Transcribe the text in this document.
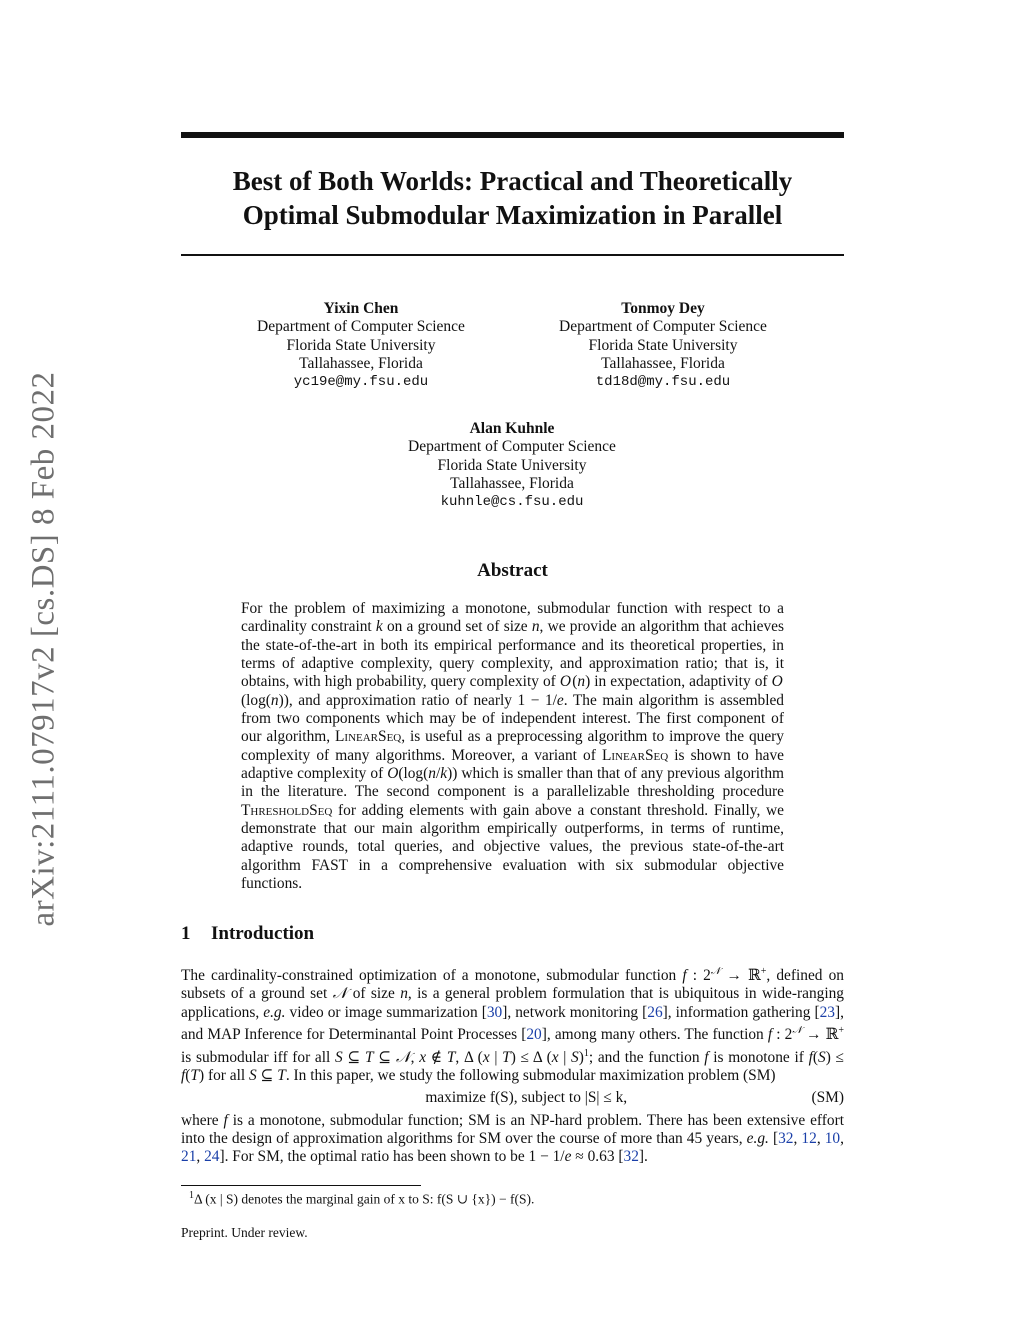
Best of Both Worlds: Practical and Theoretically
Optimal Submodular Maximization in Parallel
arXiv:2111.07917v2 [cs.DS] 8 Feb 2022
Yixin Chen
Department of Computer Science
Florida State University
Tallahassee, Florida
yc19e@my.fsu.edu
Tonmoy Dey
Department of Computer Science
Florida State University
Tallahassee, Florida
td18d@my.fsu.edu
Alan Kuhnle
Department of Computer Science
Florida State University
Tallahassee, Florida
kuhnle@cs.fsu.edu
Abstract
For the problem of maximizing a monotone, submodular function with respect to a cardinality constraint k on a ground set of size n, we provide an algorithm that achieves the state-of-the-art in both its empirical performance and its theoretical properties, in terms of adaptive complexity, query complexity, and approximation ratio; that is, it obtains, with high probability, query complexity of O (n) in expectation, adaptivity of O (log(n)), and approximation ratio of nearly 1 − 1/e. The main algorithm is assembled from two components which may be of independent interest. The first component of our algorithm, LinearSeq, is useful as a preprocessing algorithm to improve the query complexity of many algorithms. Moreover, a variant of LinearSeq is shown to have adaptive complexity of O(log(n/k)) which is smaller than that of any previous algorithm in the literature. The second component is a parallelizable thresholding procedure ThresholdSeq for adding elements with gain above a constant threshold. Finally, we demonstrate that our main algorithm empirically outperforms, in terms of runtime, adaptive rounds, total queries, and objective values, the previous state-of-the-art algorithm FAST in a comprehensive evaluation with six submodular objective functions.
1 Introduction

The cardinality-constrained optimization of a monotone, submodular function f : $2^𝒩$ → ℝ+, defined on subsets of a ground set 𝒩 of size n, is a general problem formulation that is ubiquitous in wide-ranging applications, e.g. video or image summarization [30], network monitoring [26], information gathering [23], and MAP Inference for Determinantal Point Processes [20], among many others. The function f : $2^𝒩$ → ℝ+ is submodular iff for all S ⊆ T ⊆ 𝒩, x ∉ T, Δ (x | T) ≤ Δ (x | S)$^1$; and the function f is monotone if f(S) ≤ f(T) for all S ⊆ T. In this paper, we study the following submodular maximization problem (SM)

maximize f(S), subject to |S| ≤ k,	(SM)

where f is a monotone, submodular function; SM is an NP-hard problem. There has been extensive effort into the design of approximation algorithms for SM over the course of more than 45 years, e.g. [32, 12, 10, 21, 24]. For SM, the optimal ratio has been shown to be 1 − 1/e ≈ 0.63 [32].

$^1$Δ (x | S) denotes the marginal gain of x to S: f(S ∪ {x}) − f(S).
Preprint. Under review.
